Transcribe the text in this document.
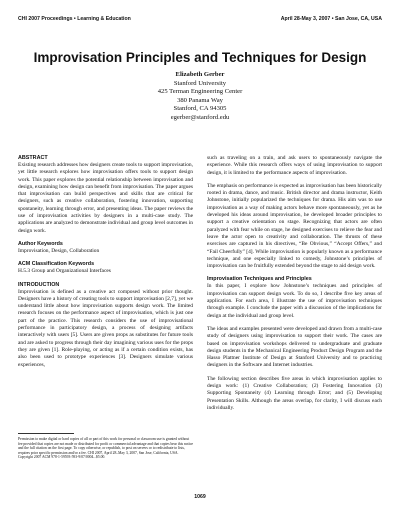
CHI 2007 Proceedings • Learning & Education	April 28-May 3, 2007 • San Jose, CA, USA
Improvisation Principles and Techniques for Design
Elizabeth Gerber
Stanford University
425 Terman Engineering Center
380 Panama Way
Stanford, CA 94305
egerber@stanford.edu
ABSTRACT

Existing research addresses how designers create tools to support improvisation, yet little research explores how improvisation offers tools to support design work. This paper explores the potential relationship between improvisation and design, examining how design can benefit from improvisation. The paper argues that improvisation can build perspectives and skills that are critical for designers, such as creative collaboration, fostering innovation, supporting spontaneity, learning through error, and presenting ideas. The paper reviews the use of improvisation activities by designers in a multi-case study. The applications are analyzed to demonstrate individual and group level outcomes in design work.

Author Keywords

Improvisation, Design, Collaboration

ACM Classification Keywords

H.5.3 Group and Organizational Interfaces

INTRODUCTION

Improvisation is defined as a creative act composed without prior thought. Designers have a history of creating tools to support improvisation [2,7], yet we understand little about how improvisation supports design work. The limited research focuses on the performance aspect of improvisation, which is just one part of the practice. This research considers the use of improvisational performance in participatory design, a process of designing artifacts interactively with users [5]. Users are given props as substitutes for future tools and are asked to progress through their day imagining various uses for the props they are given [1]. Role-playing, or acting as if a certain condition exists, has also been used to prototype experiences [3]. Designers simulate various experiences,

Permission to make digital or hard copies of all or part of this work for personal or classroom use is granted without fee provided that copies are not made or distributed for profit or commercial advantage and that copies bear this notice and the full citation on the first page. To copy otherwise, or republish, to post on servers or to redistribute to lists, requires prior specific permission and/or a fee. CHI 2007, April 28–May 3, 2007, San Jose, California, USA. Copyright 2007 ACM 978-1-59593-593-9/07/0004...$5.00.

such as traveling on a train, and ask users to spontaneously navigate the experience. While this research offers ways of using improvisation to support design, it is limited to the performance aspects of improvisation.

The emphasis on performance is expected as improvisation has been historically rooted in drama, dance, and music. British director and drama instructor, Keith Johnstone, initially popularized the techniques for drama. His aim was to use improvisation as a way of making actors behave more spontaneously, yet as he developed his ideas around improvisation, he developed broader principles to support a creative orientation on stage. Recognizing that actors are often paralyzed with fear while on stage, he designed exercises to relieve the fear and leave the actor open to creativity and collaboration. The thrusts of these exercises are captured in his directives, “Be Obvious,” “Accept Offers,” and “Fail Cheerfully” [4]. While improvisation is popularly known as a performance technique, and one especially linked to comedy, Johnstone’s principles of improvisation can be fruitfully extended beyond the stage to aid design work.

Improvisation Techniques and Principles

In this paper, I explore how Johnstone’s techniques and principles of improvisation can support design work. To do so, I describe five key areas of application. For each area, I illustrate the use of improvisation techniques through example. I conclude the paper with a discussion of the implications for design at the individual and group level.

The ideas and examples presented were developed and drawn from a multi-case study of designers using improvisation to support their work. The cases are based on improvisation workshops delivered to undergraduate and graduate design students in the Mechanical Engineering Product Design Program and the Hasso Plattner Institute of Design at Stanford University and to practicing designers in the Software and Internet industries.

The following section describes five areas in which improvisation applies to design work: (1) Creative Collaboration; (2) Fostering Innovation (3) Supporting Spontaneity (4) Learning through Error; and (5) Developing Presentation Skills. Although the areas overlap, for clarity, I will discuss each individually.

1069
